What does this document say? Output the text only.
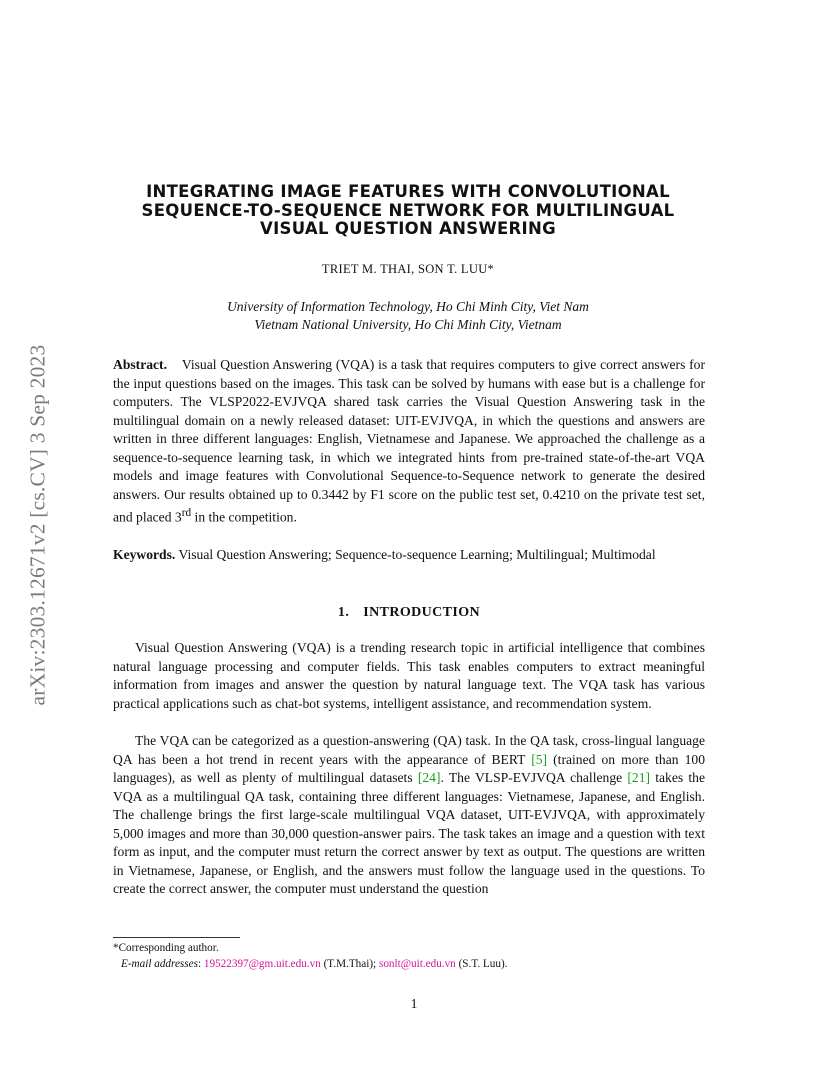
arXiv:2303.12671v2 [cs.CV] 3 Sep 2023
INTEGRATING IMAGE FEATURES WITH CONVOLUTIONAL
SEQUENCE-TO-SEQUENCE NETWORK FOR MULTILINGUAL
VISUAL QUESTION ANSWERING
TRIET M. THAI, SON T. LUU*
University of Information Technology, Ho Chi Minh City, Viet Nam
Vietnam National University, Ho Chi Minh City, Vietnam

Abstract. Visual Question Answering (VQA) is a task that requires computers to give correct answers for the input questions based on the images. This task can be solved by humans with ease but is a challenge for computers. The VLSP2022-EVJVQA shared task carries the Visual Question Answering task in the multilingual domain on a newly released dataset: UIT-EVJVQA, in which the questions and answers are written in three different languages: English, Vietnamese and Japanese. We approached the challenge as a sequence-to-sequence learning task, in which we integrated hints from pre-trained state-of-the-art VQA models and image features with Convolutional Sequence-to-Sequence network to generate the desired answers. Our results obtained up to 0.3442 by F1 score on the public test set, 0.4210 on the private test set, and placed 3rd in the competition.

Keywords. Visual Question Answering; Sequence-to-sequence Learning; Multilingual; Multimodal

1. INTRODUCTION

Visual Question Answering (VQA) is a trending research topic in artificial intelligence that combines natural language processing and computer fields. This task enables computers to extract meaningful information from images and answer the question by natural language text. The VQA task has various practical applications such as chat-bot systems, intelligent assistance, and recommendation system.

The VQA can be categorized as a question-answering (QA) task. In the QA task, cross-lingual language QA has been a hot trend in recent years with the appearance of BERT [5] (trained on more than 100 languages), as well as plenty of multilingual datasets [24]. The VLSP-EVJVQA challenge [21] takes the VQA as a multilingual QA task, containing three different languages: Vietnamese, Japanese, and English. The challenge brings the first large-scale multilingual VQA dataset, UIT-EVJVQA, with approximately 5,000 images and more than 30,000 question-answer pairs. The task takes an image and a question with text form as input, and the computer must return the correct answer by text as output. The questions are written in Vietnamese, Japanese, or English, and the answers must follow the language used in the questions. To create the correct answer, the computer must understand the question

*Corresponding author.
E-mail addresses: 19522397@gm.uit.edu.vn (T.M.Thai); sonlt@uit.edu.vn (S.T. Luu).
1
